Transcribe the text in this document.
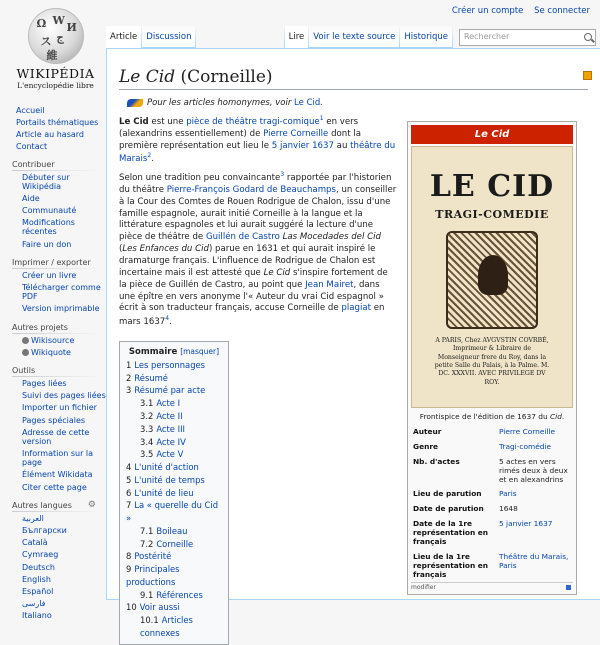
Créer un compte Se connecter
Ω W
И
ス ج
維
WIKIPÉDIA
L'encyclopédie libre
Article	Discussion	Lire	Voir le texte source	Historique	Rechercher
Accueil
Portails thématiques
Article au hasard
Contact
Contribuer
Débuter sur Wikipédia
Aide
Communauté
Modifications récentes
Faire un don
Imprimer / exporter
Créer un livre
Télécharger comme PDF
Version imprimable
Autres projets
Wikisource
Wikiquote
Outils
Pages liées
Suivi des pages liées
Importer un fichier
Pages spéciales
Adresse de cette version
Information sur la page
Élément Wikidata
Citer cette page
Autres langues ⚙
العربية
Български
Català
Cymraeg
Deutsch
English
Español
فارسی
Italiano
Le Cid (Corneille)
Pour les articles homonymes, voir Le Cid.

Le Cid est une pièce de théâtre tragi-comique$^1$ en vers (alexandrins essentiellement) de Pierre Corneille dont la première représentation eut lieu le 5 janvier 1637 au théâtre du Marais$^2$.

Selon une tradition peu convaincante$^3$ rapportée par l'historien du théâtre Pierre-François Godard de Beauchamps, un conseiller à la Cour des Comtes de Rouen Rodrigue de Chalon, issu d'une famille espagnole, aurait initié Corneille à la langue et la littérature espagnoles et lui aurait suggéré la lecture d'une pièce de théâtre de Guillén de Castro Las Mocedades del Cid (Les Enfances du Cid) parue en 1631 et qui aurait inspiré le dramaturge français. L'influence de Rodrigue de Chalon est incertaine mais il est attesté que Le Cid s'inspire fortement de la pièce de Guillén de Castro, au point que Jean Mairet, dans une épître en vers anonyme l'« Auteur du vrai Cid espagnol » écrit à son traducteur français, accuse Corneille de plagiat en mars 1637$^4$.

Sommaire [masquer]
1 Les personnages
2 Résumé
3 Résumé par acte
3.1 Acte I
3.2 Acte II
3.3 Acte III
3.4 Acte IV
3.5 Acte V
4 L'unité d'action
5 L'unité de temps
6 L'unité de lieu
7 La « querelle du Cid »
7.1 Boileau
7.2 Corneille
8 Postérité
9 Principales productions
9.1 Références
10 Voir aussi
10.1 Articles connexes
Le Cid
LE CID
TRAGI-COMEDIE
A PARIS, Chez AVGVSTIN COVRBÉ, Imprimeur & Libraire de Monseigneur frere du Roy, dans la petite Salle du Palais, à la Palme. M. DC. XXXVII. AVEC PRIVILEGE DV ROY.
Frontispice de l'édition de 1637 du Cid.
Auteur	Pierre Corneille
Genre	Tragi-comédie
Nb. d'actes	5 actes en vers rimés deux à deux et en alexandrins
Lieu de parution	Paris
Date de parution	1648
Date de la 1re représentation en français	5 janvier 1637
Lieu de la 1re représentation en français	Théâtre du Marais, Paris
modifier
